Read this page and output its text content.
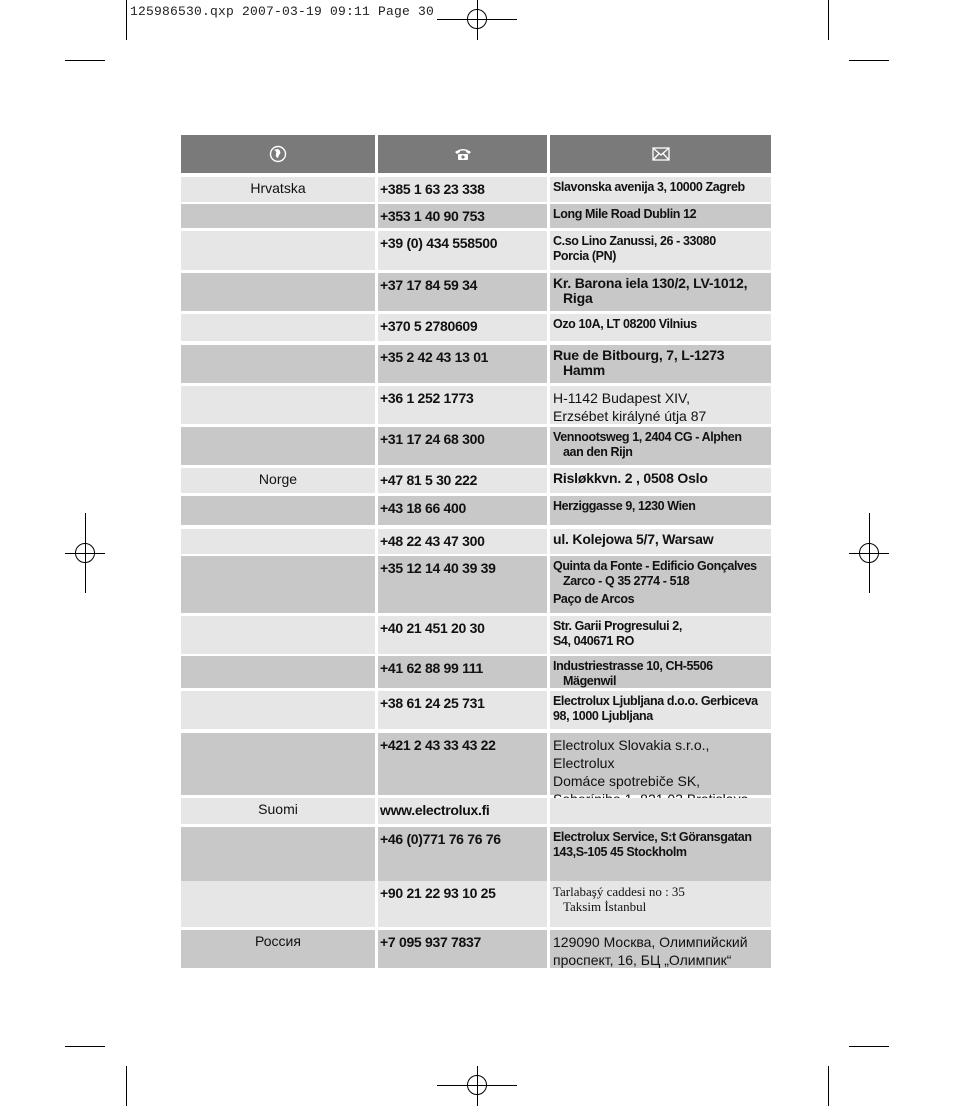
125986530.qxp 2007-03-19 09:11 Page 30
Hrvatska	+385 1 63 23 338	Slavonska avenija 3, 10000 Zagreb
+353 1 40 90 753	Long Mile Road Dublin 12
+39 (0) 434 558500	C.so Lino Zanussi, 26 - 33080
Porcia (PN)
+37 17 84 59 34	Kr. Barona iela 130/2, LV-1012,
Riga
+370 5 2780609	Ozo 10A, LT 08200 Vilnius
+35 2 42 43 13 01	Rue de Bitbourg, 7, L-1273
Hamm
+36 1 252 1773	H-1142 Budapest XIV,
Erzsébet királyné útja 87
+31 17 24 68 300	Vennootsweg 1, 2404 CG - Alphen
aan den Rijn
Norge	+47 81 5 30 222	Risløkkvn. 2 , 0508 Oslo
+43 18 66 400	Herziggasse 9, 1230 Wien
+48 22 43 47 300	ul. Kolejowa 5/7, Warsaw
+35 12 14 40 39 39	Quinta da Fonte - Edificio Gonçalves
Zarco - Q 35 2774 - 518
Paço de Arcos
+40 21 451 20 30	Str. Garii Progresului 2,
S4, 040671 RO
+41 62 88 99 111	Industriestrasse 10, CH-5506
Mägenwil
+38 61 24 25 731	Electrolux Ljubljana d.o.o. Gerbiceva
98, 1000 Ljubljana
+421 2 43 33 43 22	Electrolux Slovakia s.r.o., Electrolux
Domáce spotrebiče SK,
Suomi	www.electrolux.fi
+46 (0)771 76 76 76	Electrolux Service, S:t Göransgatan
143,S-105 45 Stockholm
+90 21 22 93 10 25	Tarlabaşý caddesi no : 35
Taksim İstanbul
Россия	+7 095 937 7837	129090 Москва, Олимпийский
проспект, 16, БЦ „Олимпик“
